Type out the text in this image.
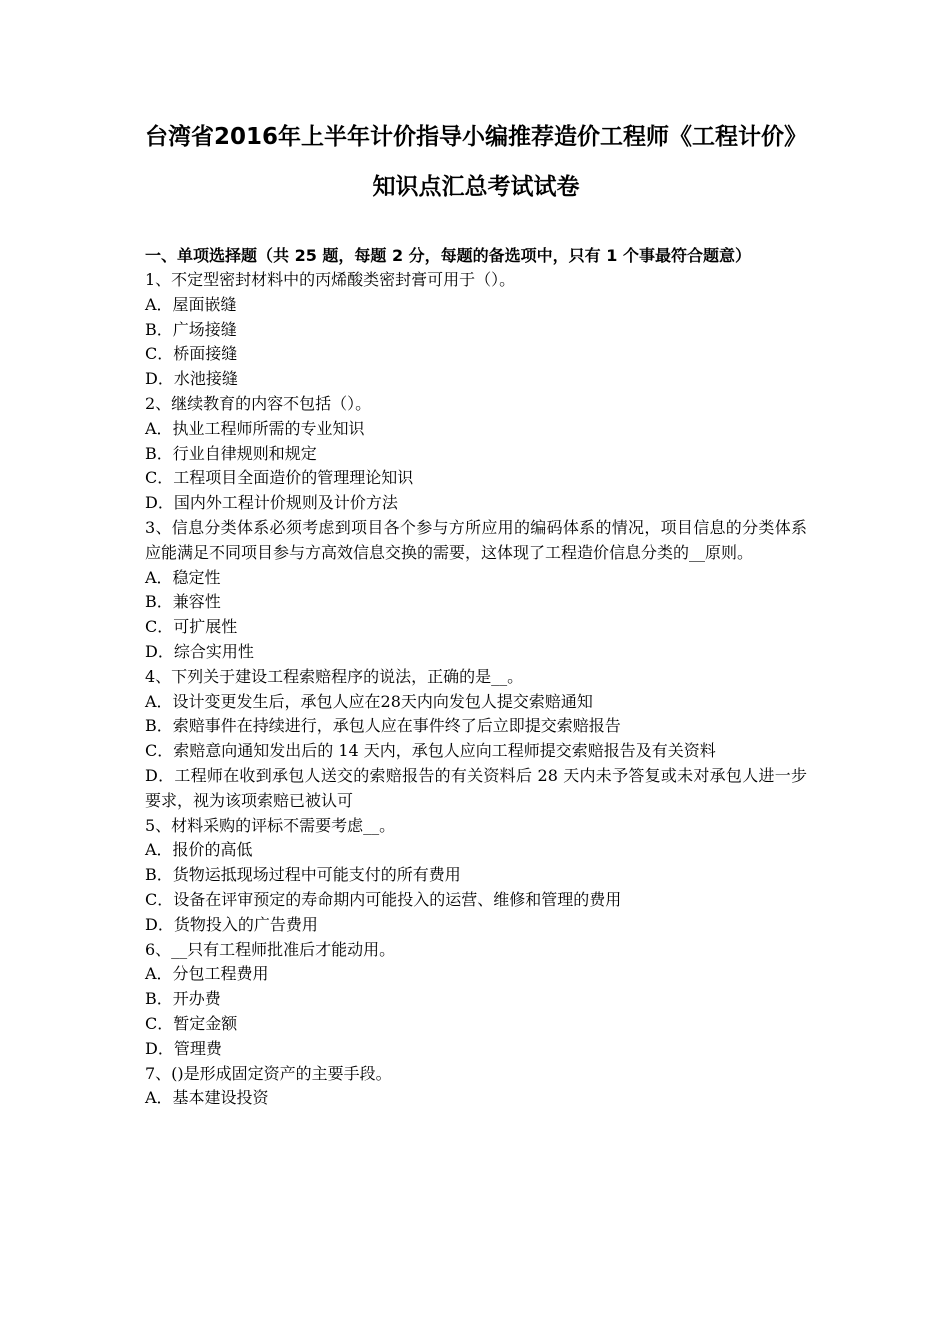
台湾省2016年上半年计价指导小编推荐造价工程师《工程计价》知识点汇总考试试卷

一、单项选择题（共 25 题，每题 2 分，每题的备选项中，只有 1 个事最符合题意）

1、不定型密封材料中的丙烯酸类密封膏可用于（）。

A．屋面嵌缝

B．广场接缝

C．桥面接缝

D．水池接缝

2、继续教育的内容不包括（）。

A．执业工程师所需的专业知识

B．行业自律规则和规定

C．工程项目全面造价的管理理论知识

D．国内外工程计价规则及计价方法

3、信息分类体系必须考虑到项目各个参与方所应用的编码体系的情况，项目信息的分类体系应能满足不同项目参与方高效信息交换的需要，这体现了工程造价信息分类的__原则。

A．稳定性

B．兼容性

C．可扩展性

D．综合实用性

4、下列关于建设工程索赔程序的说法，正确的是__。

A．设计变更发生后，承包人应在28天内向发包人提交索赔通知

B．索赔事件在持续进行，承包人应在事件终了后立即提交索赔报告

C．索赔意向通知发出后的 14 天内，承包人应向工程师提交索赔报告及有关资料

D．工程师在收到承包人送交的索赔报告的有关资料后 28 天内未予答复或未对承包人进一步要求，视为该项索赔已被认可

5、材料采购的评标不需要考虑__。

A．报价的高低

B．货物运抵现场过程中可能支付的所有费用

C．设备在评审预定的寿命期内可能投入的运营、维修和管理的费用

D．货物投入的广告费用

6、__只有工程师批准后才能动用。

A．分包工程费用

B．开办费

C．暂定金额

D．管理费

7、()是形成固定资产的主要手段。

A．基本建设投资
